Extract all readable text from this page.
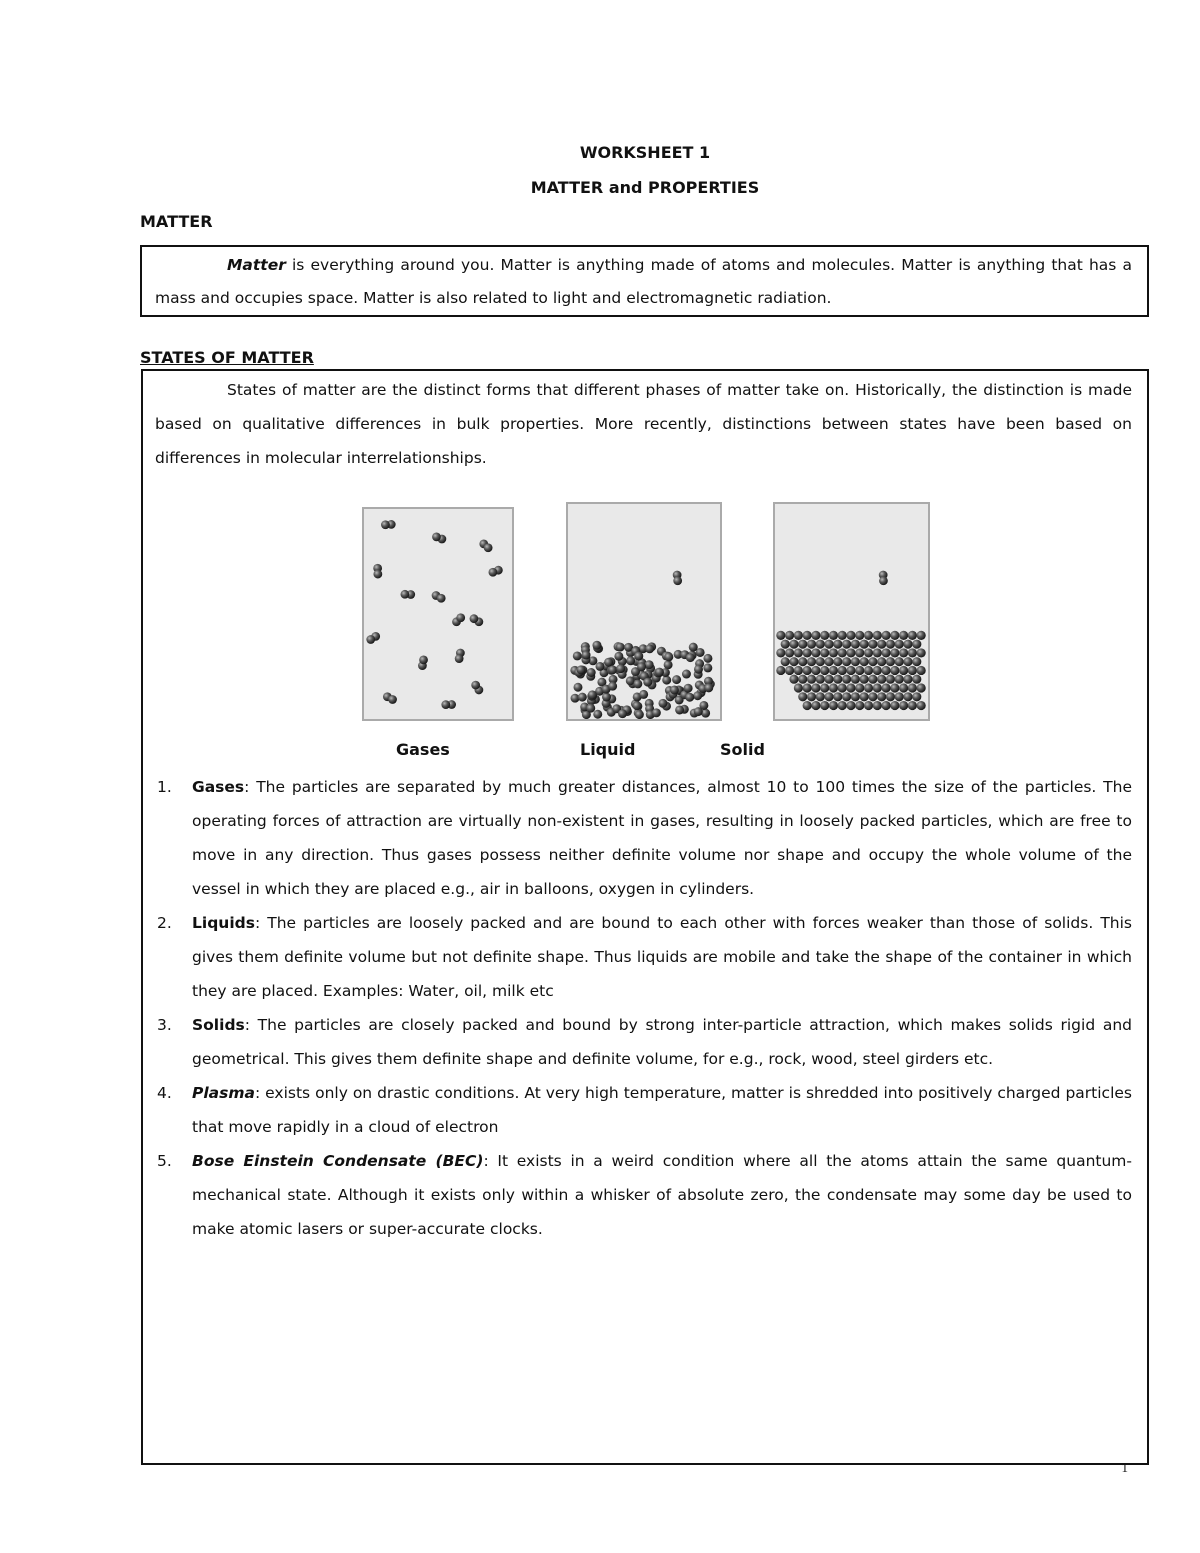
WORKSHEET 1
MATTER and PROPERTIES
MATTER
Matter is everything around you. Matter is anything made of atoms and molecules. Matter is anything that has a mass and occupies space. Matter is also related to light and electromagnetic radiation.
STATES OF MATTER
States of matter are the distinct forms that different phases of matter take on. Historically, the distinction is made based on qualitative differences in bulk properties. More recently, distinctions between states have been based on differences in molecular interrelationships.
Gases	Liquid	Solid
1. Gases: The particles are separated by much greater distances, almost 10 to 100 times the size of the particles. The operating forces of attraction are virtually non-existent in gases, resulting in loosely packed particles, which are free to move in any direction. Thus gases possess neither definite volume nor shape and occupy the whole volume of the vessel in which they are placed e.g., air in balloons, oxygen in cylinders.
2. Liquids: The particles are loosely packed and are bound to each other with forces weaker than those of solids. This gives them definite volume but not definite shape. Thus liquids are mobile and take the shape of the container in which they are placed. Examples: Water, oil, milk etc
3. Solids: The particles are closely packed and bound by strong inter-particle attraction, which makes solids rigid and geometrical. This gives them definite shape and definite volume, for e.g., rock, wood, steel girders etc.
4. Plasma: exists only on drastic conditions. At very high temperature, matter is shredded into positively charged particles that move rapidly in a cloud of electron
5. Bose Einstein Condensate (BEC): It exists in a weird condition where all the atoms attain the same quantum-mechanical state. Although it exists only within a whisker of absolute zero, the condensate may some day be used to make atomic lasers or super-accurate clocks.
1
